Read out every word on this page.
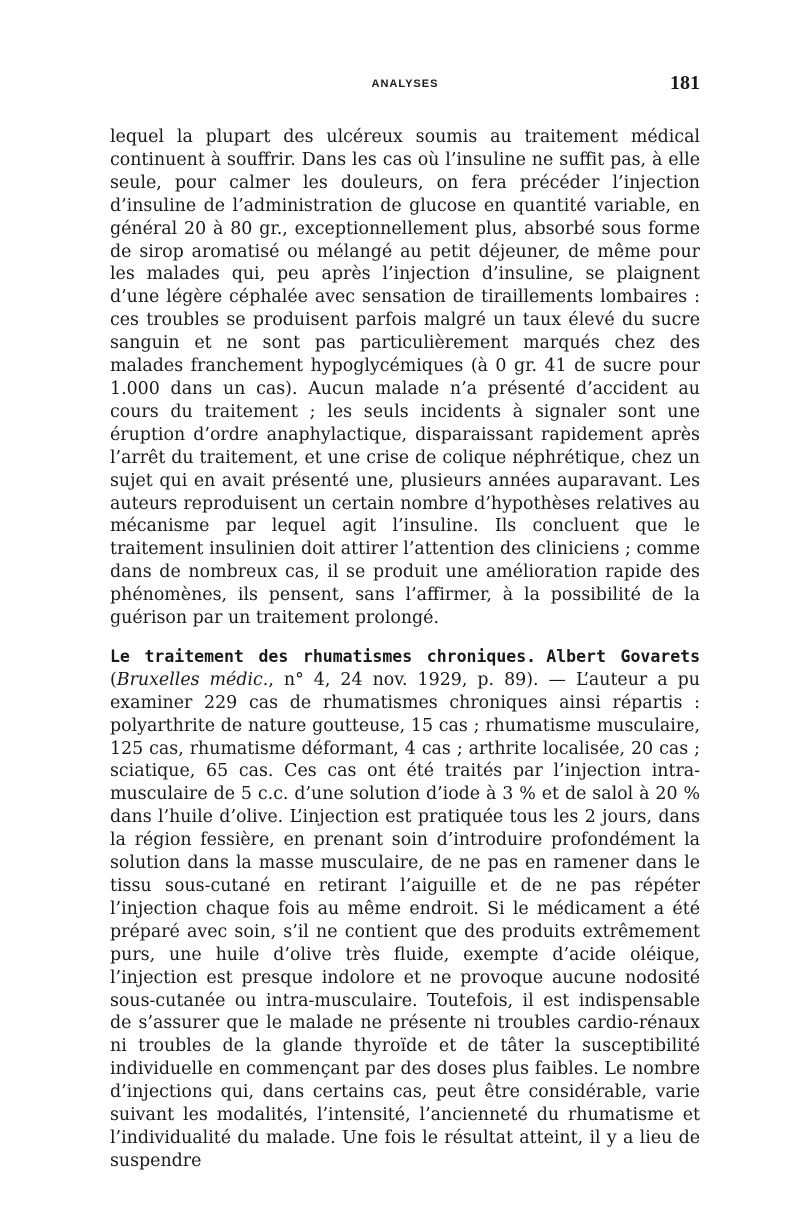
ANALYSES	181

lequel la plupart des ulcéreux soumis au traitement médical continuent à souffrir. Dans les cas où l’insuline ne suffit pas, à elle seule, pour calmer les douleurs, on fera précéder l’injection d’insuline de l’administration de glucose en quantité variable, en général 20 à 80 gr., exceptionnellement plus, absorbé sous forme de sirop aromatisé ou mélangé au petit déjeuner, de même pour les malades qui, peu après l’injection d’insuline, se plaignent d’une légère céphalée avec sensation de tiraillements lombaires : ces troubles se produisent parfois malgré un taux élevé du sucre sanguin et ne sont pas particulièrement marqués chez des malades franchement hypoglycémiques (à 0 gr. 41 de sucre pour 1.000 dans un cas). Aucun malade n’a présenté d’accident au cours du traitement ; les seuls incidents à signaler sont une éruption d’ordre anaphylactique, disparaissant rapidement après l’arrêt du traitement, et une crise de colique néphrétique, chez un sujet qui en avait présenté une, plusieurs années auparavant. Les auteurs reproduisent un certain nombre d’hypothèses relatives au mécanisme par lequel agit l’insuline. Ils concluent que le traitement insulinien doit attirer l’attention des cliniciens ; comme dans de nombreux cas, il se produit une amélioration rapide des phénomènes, ils pensent, sans l’affirmer, à la possibilité de la guérison par un traitement prolongé.

Le traitement des rhumatismes chroniques. Albert Govarets (Bruxelles médic., n° 4, 24 nov. 1929, p. 89). — L’auteur a pu examiner 229 cas de rhumatismes chroniques ainsi répartis : polyarthrite de nature goutteuse, 15 cas ; rhumatisme musculaire, 125 cas, rhumatisme déformant, 4 cas ; arthrite localisée, 20 cas ; sciatique, 65 cas. Ces cas ont été traités par l’injection intra-musculaire de 5 c.c. d’une solution d’iode à 3 % et de salol à 20 % dans l’huile d’olive. L’injection est pratiquée tous les 2 jours, dans la région fessière, en prenant soin d’introduire profondément la solution dans la masse musculaire, de ne pas en ramener dans le tissu sous-cutané en retirant l’aiguille et de ne pas répéter l’injection chaque fois au même endroit. Si le médicament a été préparé avec soin, s’il ne contient que des produits extrêmement purs, une huile d’olive très fluide, exempte d’acide oléique, l’injection est presque indolore et ne provoque aucune nodosité sous-cutanée ou intra-musculaire. Toutefois, il est indispensable de s’assurer que le malade ne présente ni troubles cardio-rénaux ni troubles de la glande thyroïde et de tâter la susceptibilité individuelle en commençant par des doses plus faibles. Le nombre d’injections qui, dans certains cas, peut être considérable, varie suivant les modalités, l’intensité, l’ancienneté du rhumatisme et l’individualité du malade. Une fois le résultat atteint, il y a lieu de suspendre
